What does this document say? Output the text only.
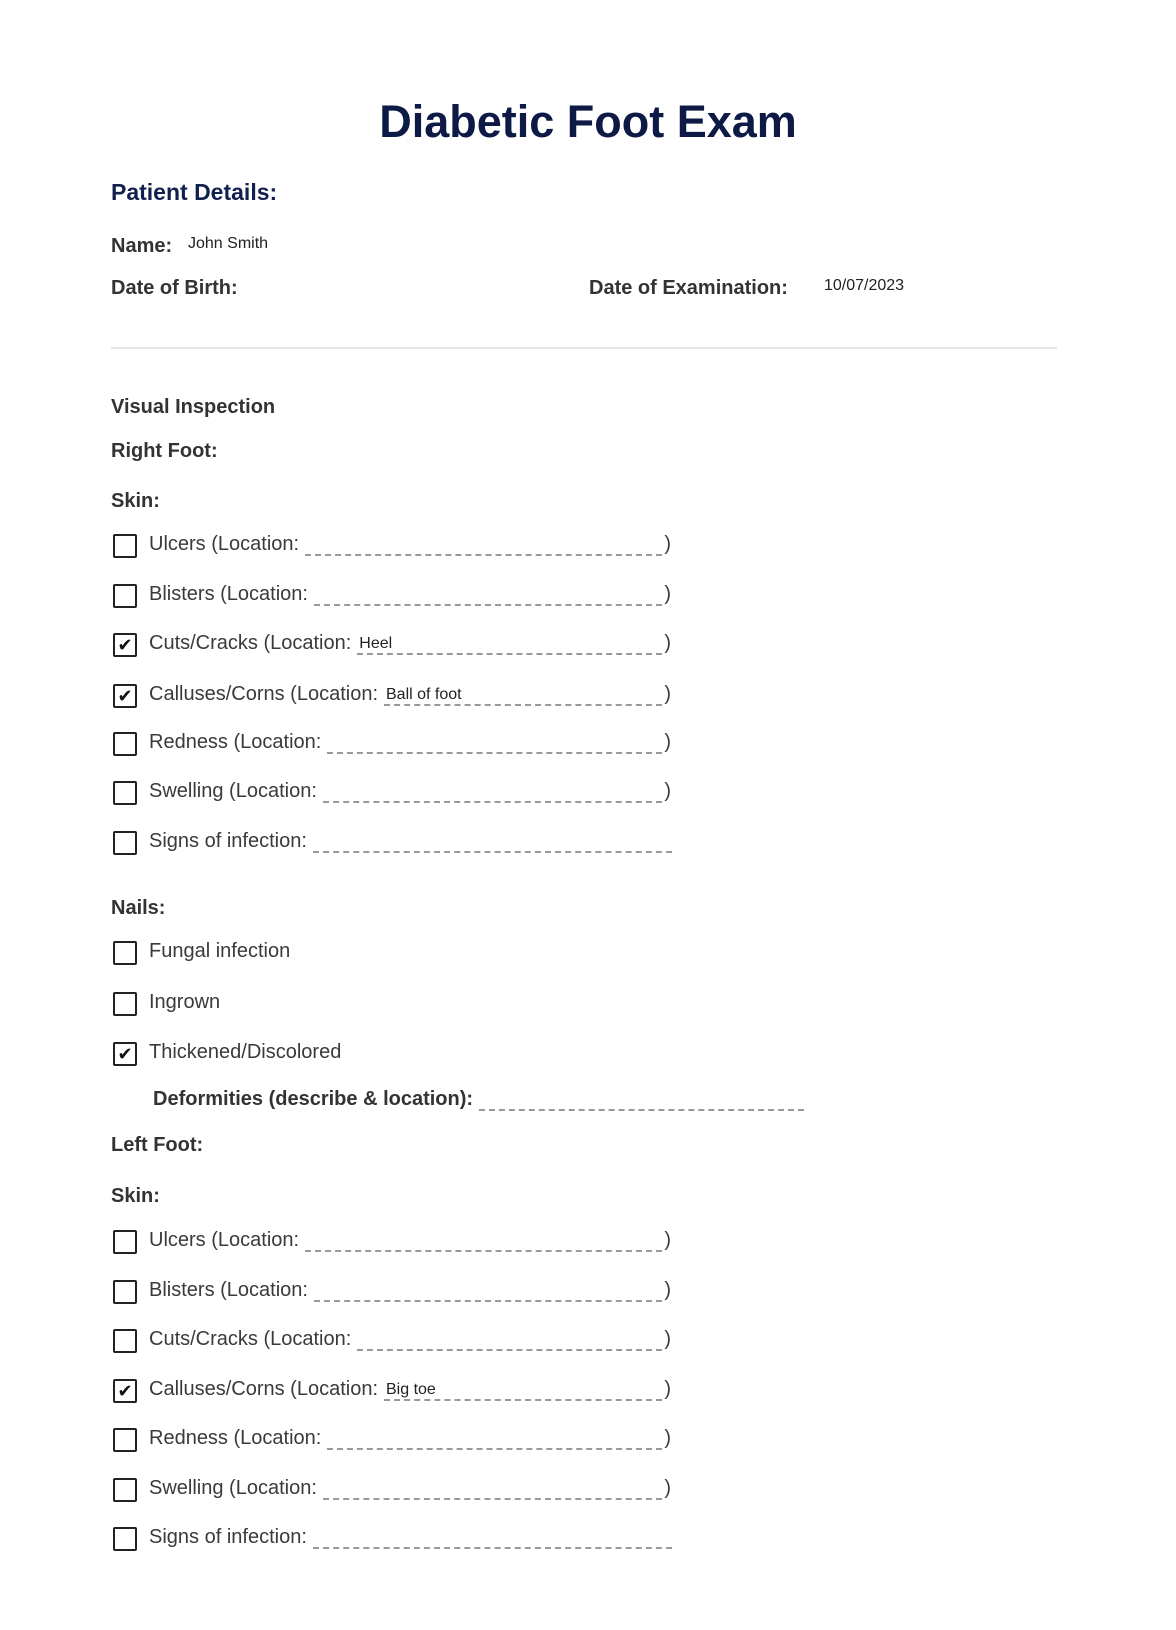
Diabetic Foot Exam
Patient Details:
Name: John Smith
Date of Birth:	Date of Examination: 10/07/2023
Visual Inspection
Right Foot:
Skin:
Ulcers (Location:	)
Blisters (Location:	)
✔ Cuts/Cracks (Location: Heel	)
✔ Calluses/Corns (Location: Ball of foot	)
Redness (Location:	)
Swelling (Location:	)
Signs of infection:
Nails:
Fungal infection
Ingrown
✔ Thickened/Discolored
Deformities (describe & location):
Left Foot:
Skin:
Ulcers (Location:	)
Blisters (Location:	)
Cuts/Cracks (Location:	)
✔ Calluses/Corns (Location: Big toe	)
Redness (Location:	)
Swelling (Location:	)
Signs of infection:
